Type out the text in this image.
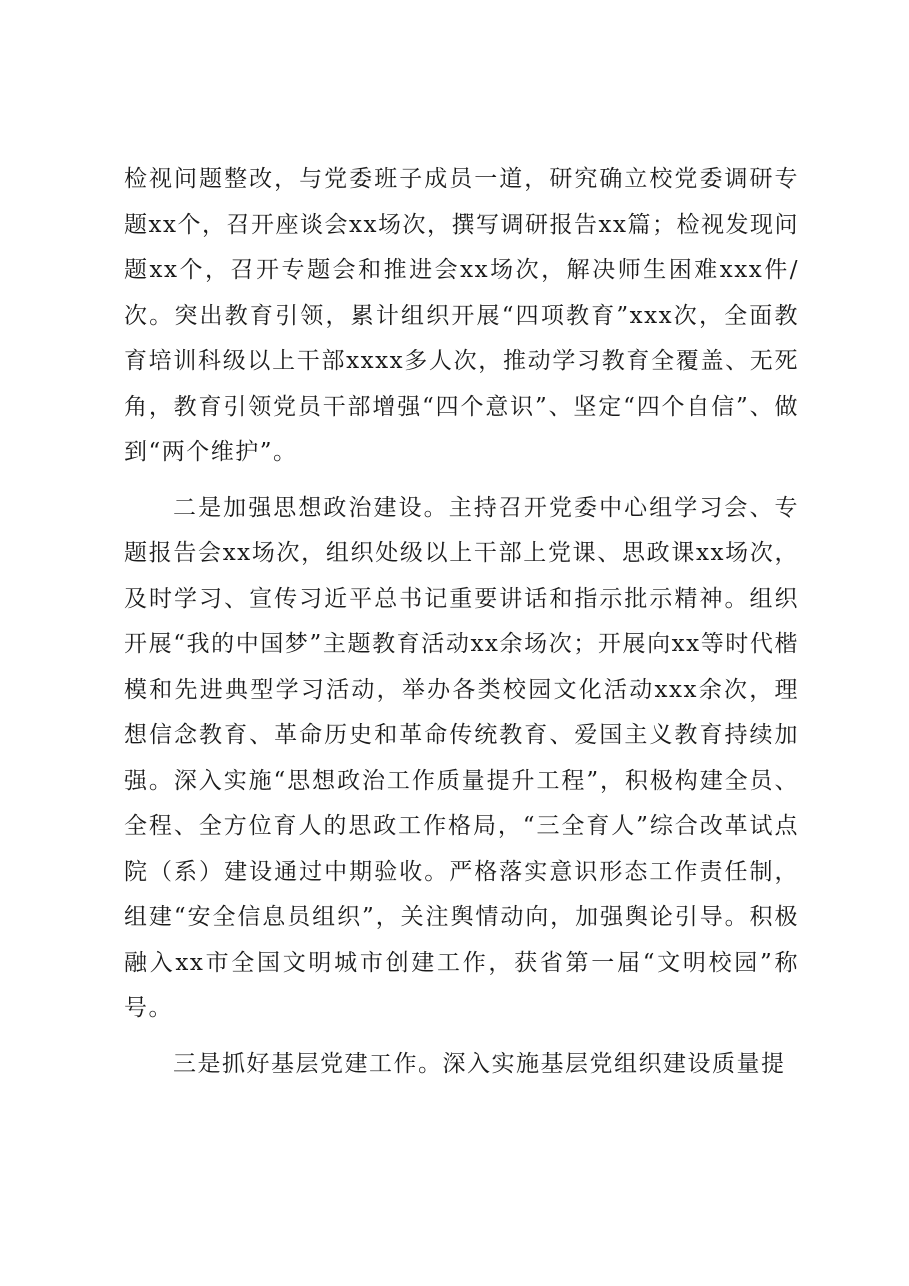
检视问题整改，与党委班子成员一道，研究确立校党委调研专题xx个，召开座谈会xx场次，撰写调研报告xx篇；检视发现问题xx个，召开专题会和推进会xx场次，解决师生困难xxx件/次。突出教育引领，累计组织开展“四项教育”xxx次，全面教育培训科级以上干部xxxx多人次，推动学习教育全覆盖、无死角，教育引领党员干部增强“四个意识”、坚定“四个自信”、做到“两个维护”。

二是加强思想政治建设。主持召开党委中心组学习会、专题报告会xx场次，组织处级以上干部上党课、思政课xx场次，及时学习、宣传习近平总书记重要讲话和指示批示精神。组织开展“我的中国梦”主题教育活动xx余场次；开展向xx等时代楷模和先进典型学习活动，举办各类校园文化活动xxx余次，理想信念教育、革命历史和革命传统教育、爱国主义教育持续加强。深入实施“思想政治工作质量提升工程”，积极构建全员、全程、全方位育人的思政工作格局，“三全育人”综合改革试点院（系）建设通过中期验收。严格落实意识形态工作责任制，组建“安全信息员组织”，关注舆情动向，加强舆论引导。积极融入xx市全国文明城市创建工作，获省第一届“文明校园”称号。

三是抓好基层党建工作。深入实施基层党组织建设质量提
